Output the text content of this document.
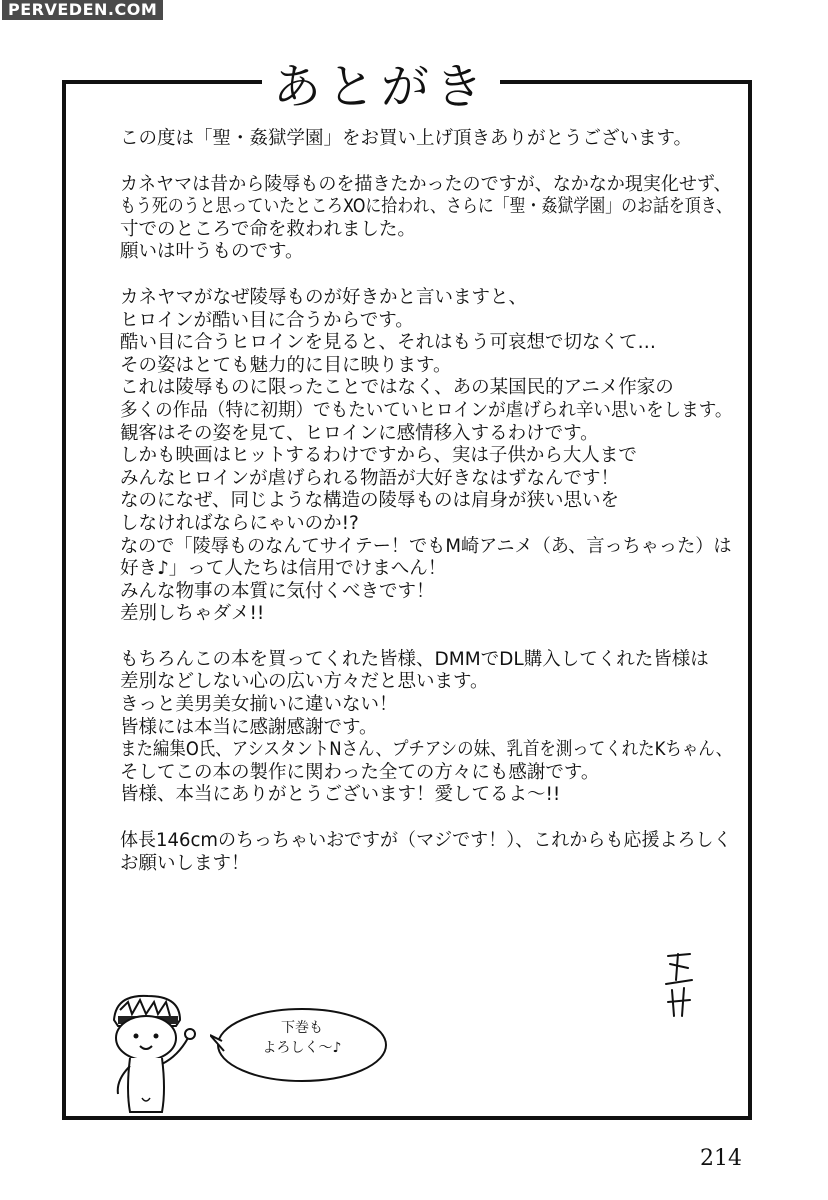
PERVEDEN.COM
あとがき
この度は「聖・姦獄学園」をお買い上げ頂きありがとうございます。
カネヤマは昔から陵辱ものを描きたかったのですが、なかなか現実化せず、
もう死のうと思っていたところXOに拾われ、さらに「聖・姦獄学園」のお話を頂き、
寸でのところで命を救われました。
願いは叶うものです。
カネヤマがなぜ陵辱ものが好きかと言いますと、
ヒロインが酷い目に合うからです。
酷い目に合うヒロインを見ると、それはもう可哀想で切なくて…
その姿はとても魅力的に目に映ります。
これは陵辱ものに限ったことではなく、あの某国民的アニメ作家の
多くの作品（特に初期）でもたいていヒロインが虐げられ辛い思いをします。
観客はその姿を見て、ヒロインに感情移入するわけです。
しかも映画はヒットするわけですから、実は子供から大人まで
みんなヒロインが虐げられる物語が大好きなはずなんです！
なのになぜ、同じような構造の陵辱ものは肩身が狭い思いを
しなければならにゃいのか!?
なので「陵辱ものなんてサイテー！でもM崎アニメ（あ、言っちゃった）は
好き♪」って人たちは信用でけまへん！
みんな物事の本質に気付くべきです！
差別しちゃダメ!!
もちろんこの本を買ってくれた皆様、DMMでDL購入してくれた皆様は
差別などしない心の広い方々だと思います。
きっと美男美女揃いに違いない！
皆様には本当に感謝感謝です。
また編集O氏、アシスタントNさん、プチアシの妹、乳首を測ってくれたKちゃん、
そしてこの本の製作に関わった全ての方々にも感謝です。
皆様、本当にありがとうございます！愛してるよ～!!
体長146cmのちっちゃいおですが（マジです！）、これからも応援よろしく
お願いします！
下巻も
よろしく～♪
214
